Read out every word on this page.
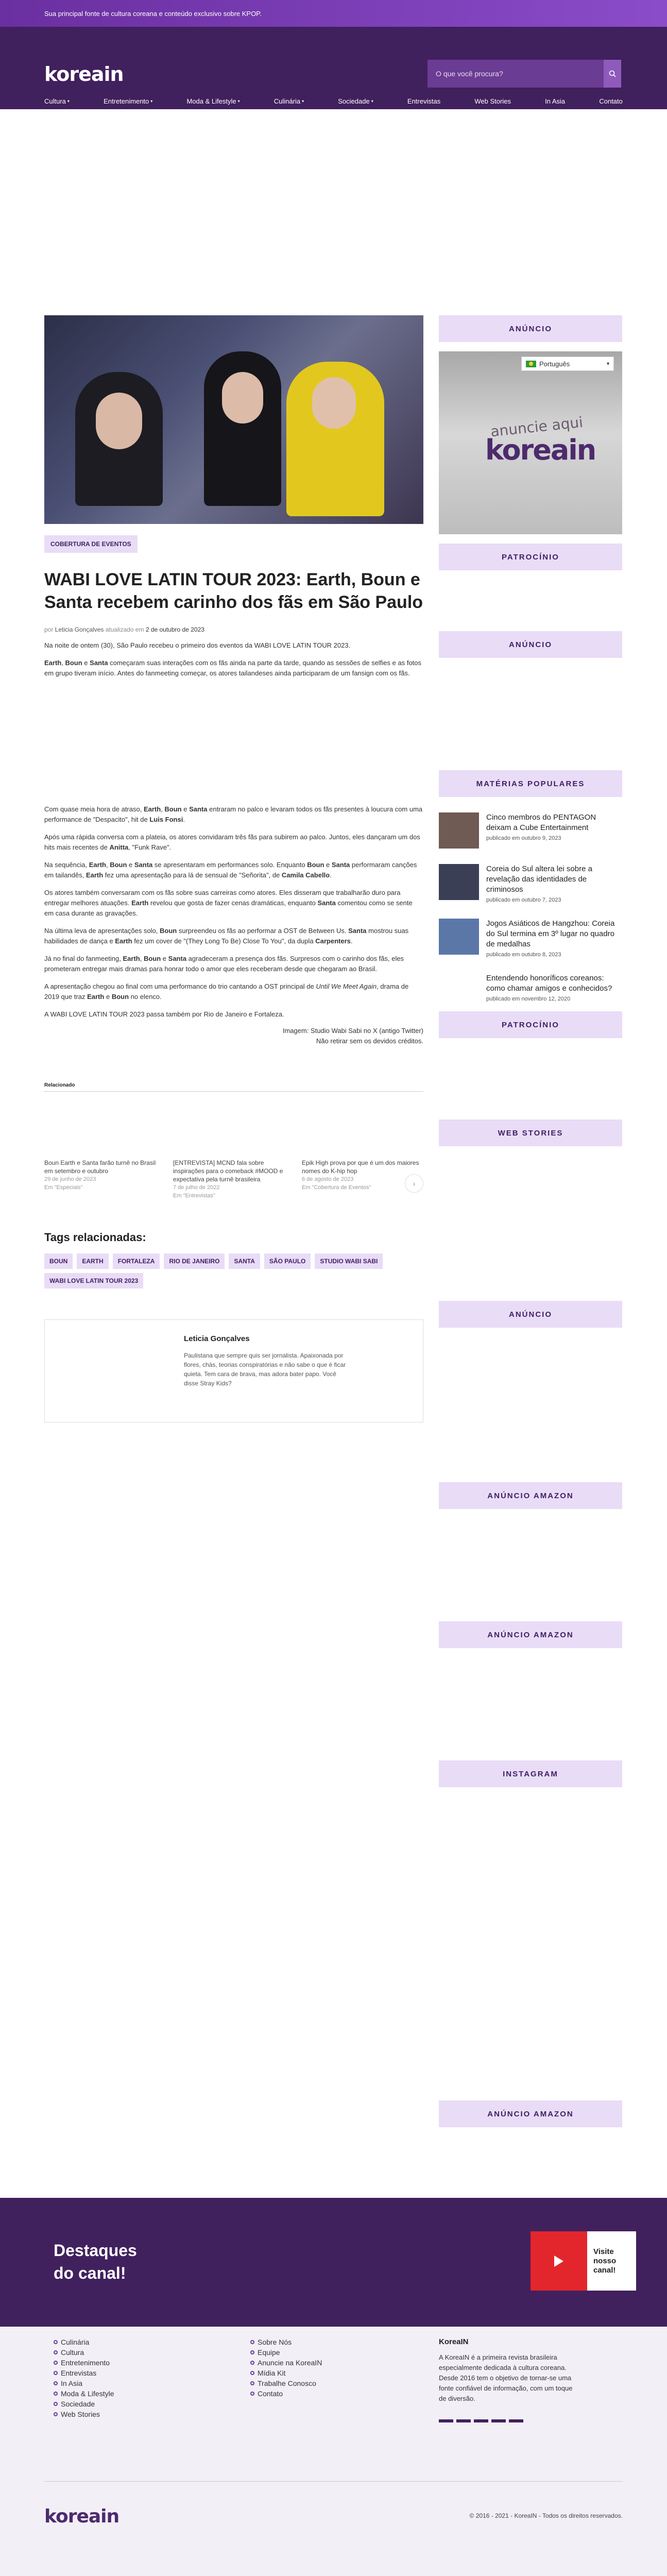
Sua principal fonte de cultura coreana e conteúdo exclusivo sobre KPOP.
koreain
O que você procura?
Cultura ▾	Entretenimento ▾	Moda & Lifestyle ▾	Culinária ▾	Sociedade ▾	Entrevistas	Web Stories	In Asia	Contato
COBERTURA DE EVENTOS
WABI LOVE LATIN TOUR 2023: Earth, Boun e Santa recebem carinho dos fãs em São Paulo
por Leticia Gonçalves atualizado em 2 de outubro de 2023

Na noite de ontem (30), São Paulo recebeu o primeiro dos eventos da WABI LOVE LATIN TOUR 2023.

Earth, Boun e Santa começaram suas interações com os fãs ainda na parte da tarde, quando as sessões de selfies e as fotos em grupo tiveram início. Antes do fanmeeting começar, os atores tailandeses ainda participaram de um fansign com os fãs.

Com quase meia hora de atraso, Earth, Boun e Santa entraram no palco e levaram todos os fãs presentes à loucura com uma performance de "Despacito", hit de Luis Fonsi.

Após uma rápida conversa com a plateia, os atores convidaram três fãs para subirem ao palco. Juntos, eles dançaram um dos hits mais recentes de Anitta, "Funk Rave".

Na sequência, Earth, Boun e Santa se apresentaram em performances solo. Enquanto Boun e Santa performaram canções em tailandês, Earth fez uma apresentação para lá de sensual de "Señorita", de Camila Cabello.

Os atores também conversaram com os fãs sobre suas carreiras como atores. Eles disseram que trabalharão duro para entregar melhores atuações. Earth revelou que gosta de fazer cenas dramáticas, enquanto Santa comentou como se sente em casa durante as gravações.

Na última leva de apresentações solo, Boun surpreendeu os fãs ao performar a OST de Between Us. Santa mostrou suas habilidades de dança e Earth fez um cover de "(They Long To Be) Close To You", da dupla Carpenters.

Já no final do fanmeeting, Earth, Boun e Santa agradeceram a presença dos fãs. Surpresos com o carinho dos fãs, eles prometeram entregar mais dramas para honrar todo o amor que eles receberam desde que chegaram ao Brasil.

A apresentação chegou ao final com uma performance do trio cantando a OST principal de Until We Meet Again, drama de 2019 que traz Earth e Boun no elenco.

A WABI LOVE LATIN TOUR 2023 passa também por Rio de Janeiro e Fortaleza.

Imagem: Studio Wabi Sabi no X (antigo Twitter)
Não retirar sem os devidos créditos.
Relacionado
›
Boun Earth e Santa farão turnê no Brasil em setembro e outubro
29 de junho de 2023
Em "Especiais"
[ENTREVISTA] MCND fala sobre inspirações para o comeback #MOOD e expectativa pela turnê brasileira
7 de julho de 2022
Em "Entrevistas"
Epik High prova por que é um dos maiores nomes do K-hip hop
6 de agosto de 2023
Em "Cobertura de Eventos"
Tags relacionadas:
BOUN	EARTH	FORTALEZA	RIO DE JANEIRO	SANTA	SÃO PAULO	STUDIO WABI SABI
WABI LOVE LATIN TOUR 2023
Leticia Gonçalves
Paulistana que sempre quis ser jornalista. Apaixonada por flores, chás, teorias conspiratórias e não sabe o que é ficar quieta. Tem cara de brava, mas adora bater papo. Você disse Stray Kids?
ANÚNCIO
Português	▾
anuncie aqui
koreain
PATROCÍNIO
ANÚNCIO
MATÉRIAS POPULARES
Cinco membros do PENTAGON deixam a Cube Entertainment
publicado em outubro 9, 2023
Coreia do Sul altera lei sobre a revelação das identidades de criminosos
publicado em outubro 7, 2023
Jogos Asiáticos de Hangzhou: Coreia do Sul termina em 3º lugar no quadro de medalhas
publicado em outubro 8, 2023
Entendendo honoríficos coreanos: como chamar amigos e conhecidos?
publicado em novembro 12, 2020
PATROCÍNIO
WEB STORIES
ANÚNCIO
ANÚNCIO AMAZON
ANÚNCIO AMAZON
INSTAGRAM
ANÚNCIO AMAZON
Destaques
do canal!
Visite
nosso
canal!
Culinária
Cultura
Entretenimento
Entrevistas
In Asia
Moda & Lifestyle
Sociedade
Web Stories
Sobre Nós
Equipe
Anuncie na KoreaIN
Mídia Kit
Trabalhe Conosco
Contato
KoreaIN
A KoreaIN é a primeira revista brasileira especialmente dedicada à cultura coreana. Desde 2016 tem o objetivo de tornar-se uma fonte confiável de informação, com um toque de diversão.
koreain	© 2016 - 2021 - KoreaIN - Todos os direitos reservados.
